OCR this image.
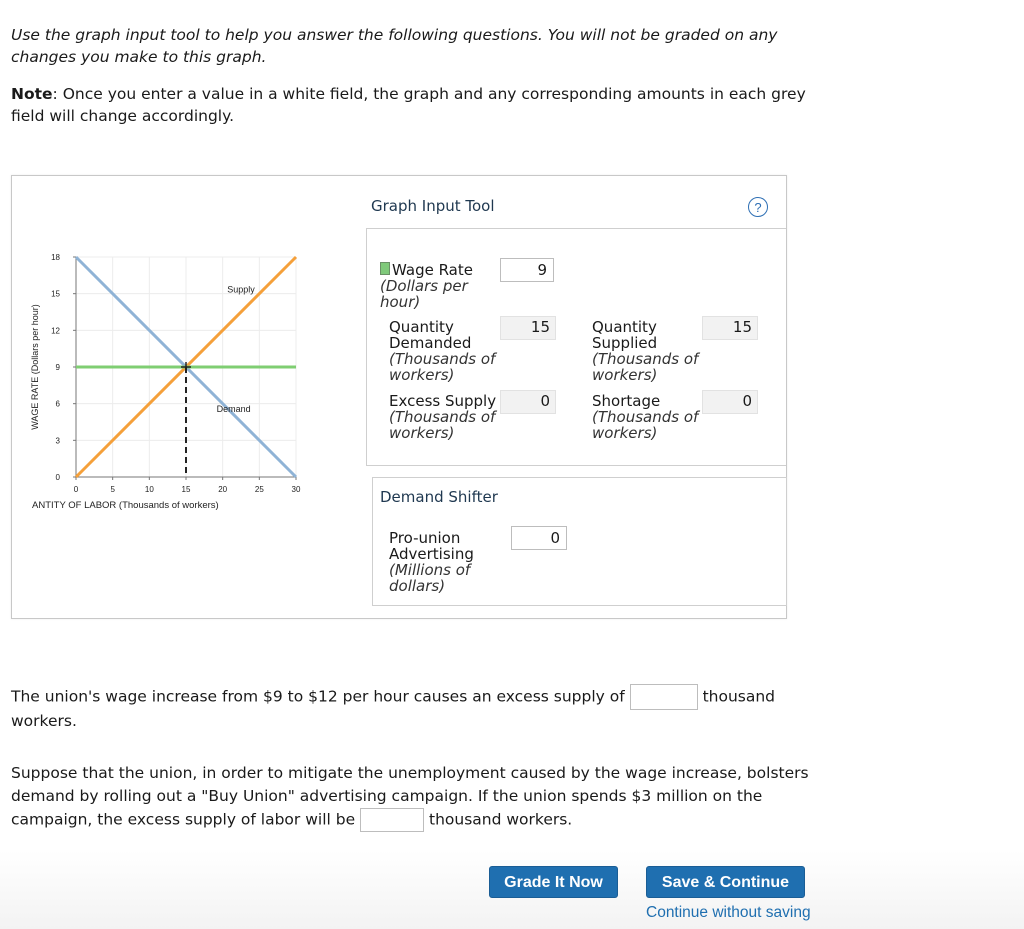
Use the graph input tool to help you answer the following questions. You will not be graded on any changes you make to this graph.
Note: Once you enter a value in a white field, the graph and any corresponding amounts in each grey field will change accordingly.
0
3
6
9
12
15
18
0	5	10	15	20	25	30
WAGE RATE (Dollars per hour)
ANTITY OF LABOR (Thousands of workers)
Supply
Demand
Graph Input Tool	?
Wage Rate
(Dollars per hour)
9
Quantity Demanded
(Thousands of workers)
15	Quantity Supplied
(Thousands of workers)
15
Excess Supply
(Thousands of workers)
0	Shortage
(Thousands of workers)
0
Demand Shifter
Pro-union Advertising
(Millions of dollars)
0
The union's wage increase from $9 to $12 per hour causes an excess supply of	thousand workers.
Suppose that the union, in order to mitigate the unemployment caused by the wage increase, bolsters demand by rolling out a "Buy Union" advertising campaign. If the union spends $3 million on the campaign, the excess supply of labor will be	thousand workers.
Grade It Now	Save & Continue
Continue without saving
